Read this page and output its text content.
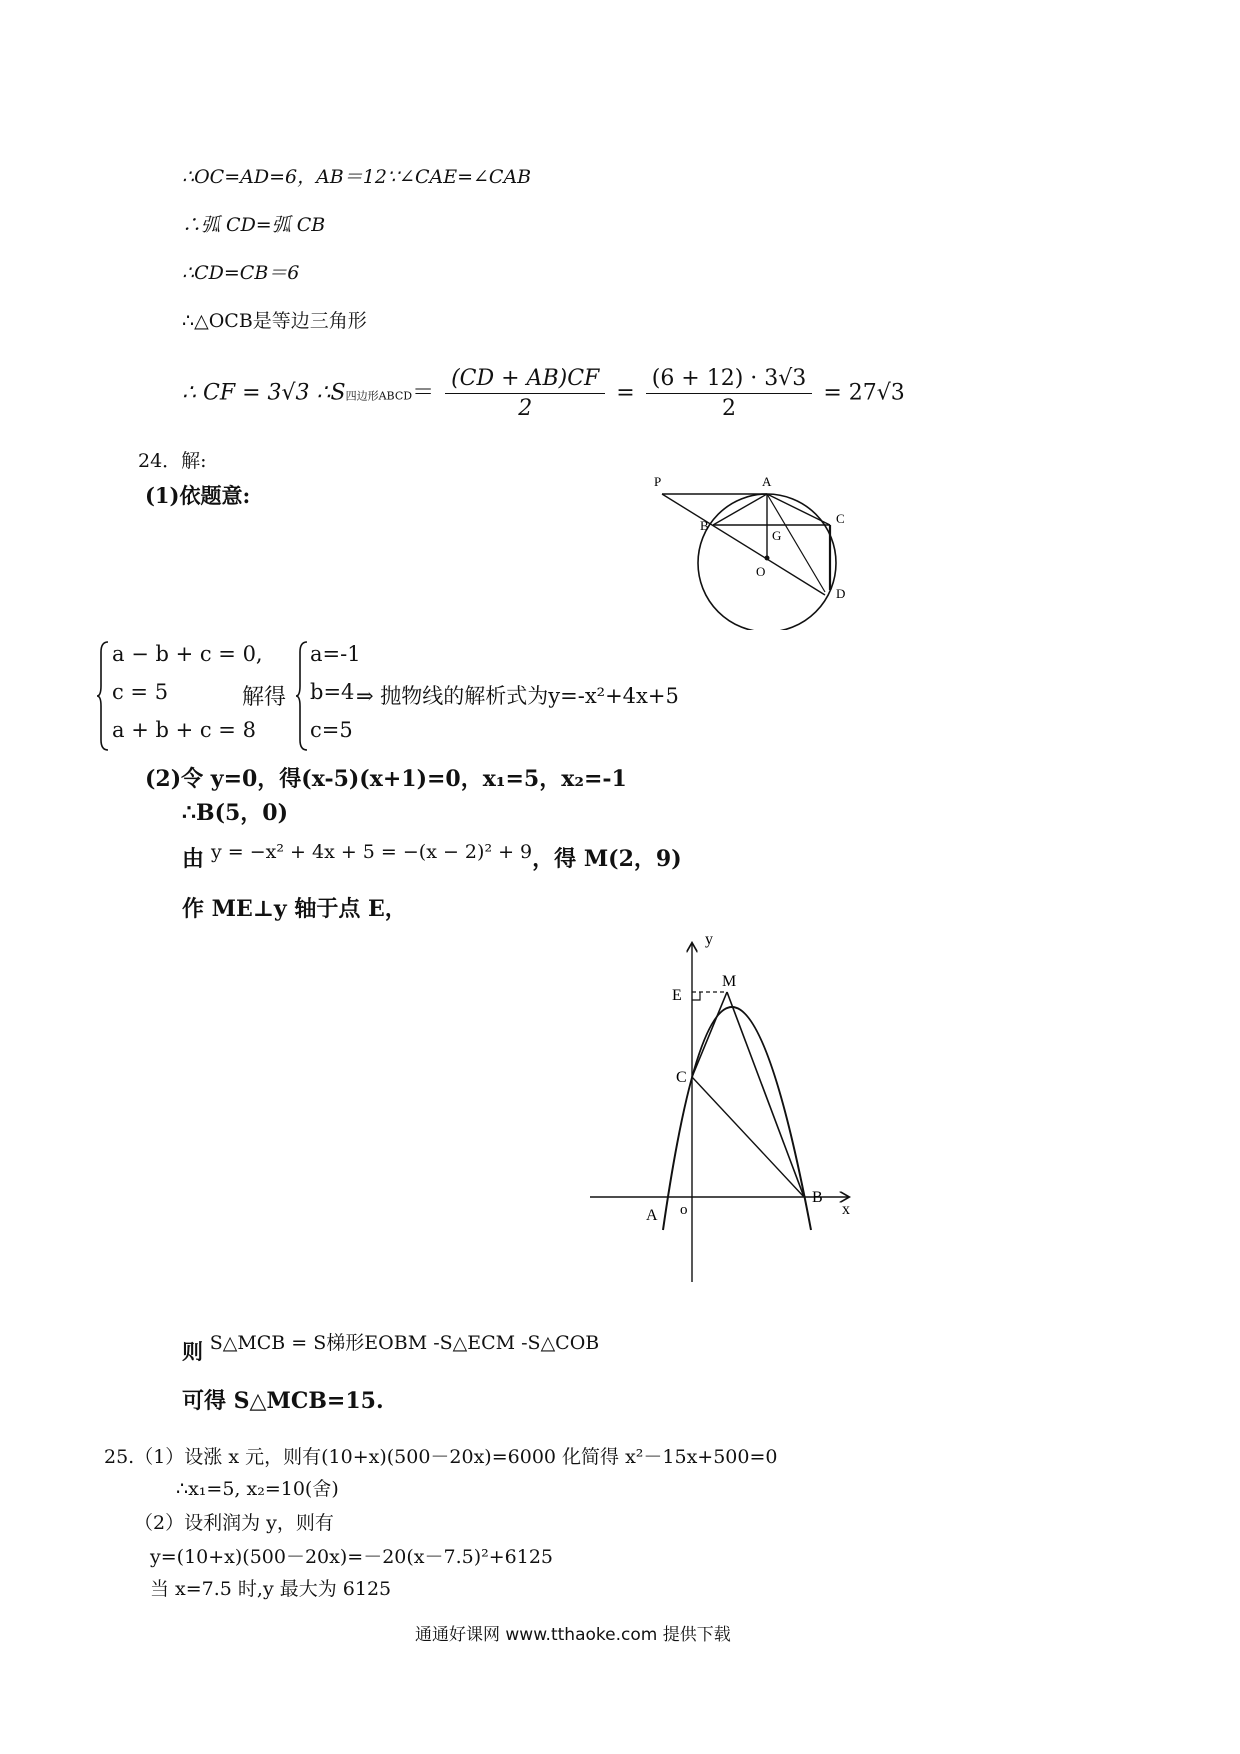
∴OC=AD=6，AB＝12∵∠CAE=∠CAB
∴弧 CD=弧 CB
∴CD=CB＝6
∴△OCB是等边三角形
∴ CF = 3√3 ∴S四边形ABCD＝ $\frac{(CD + AB)CF}{2} = \frac{(6 + 12) \cdot 3√3}{2} = 27√3$
24．解:
(1)依题意:
P	A
B	C
G
O
D
a − b + c = 0,
c = 5
a + b + c = 8
解得
a=-1
b=4
c=5
⇒ 抛物线的解析式为y=-x²+4x+5
(2)令 y=0，得(x-5)(x+1)=0，x₁=5，x₂=-1
∴B(5，0)
由 y = −x² + 4x + 5 = −(x − 2)² + 9，得 M(2，9)
作 ME⊥y 轴于点 E，
y
x
E
M
C
A o
B
则 S△MCB = S梯形EOBM -S△ECM -S△COB
可得 S△MCB=15.
25.（1）设涨 x 元，则有(10+x)(500－20x)=6000 化简得 x²－15x+500=0
∴x₁=5, x₂=10(舍)
（2）设利润为 y，则有
y=(10+x)(500－20x)=－20(x－7.5)²+6125
当 x=7.5 时,y 最大为 6125
通通好课网 www.tthaoke.com 提供下载
